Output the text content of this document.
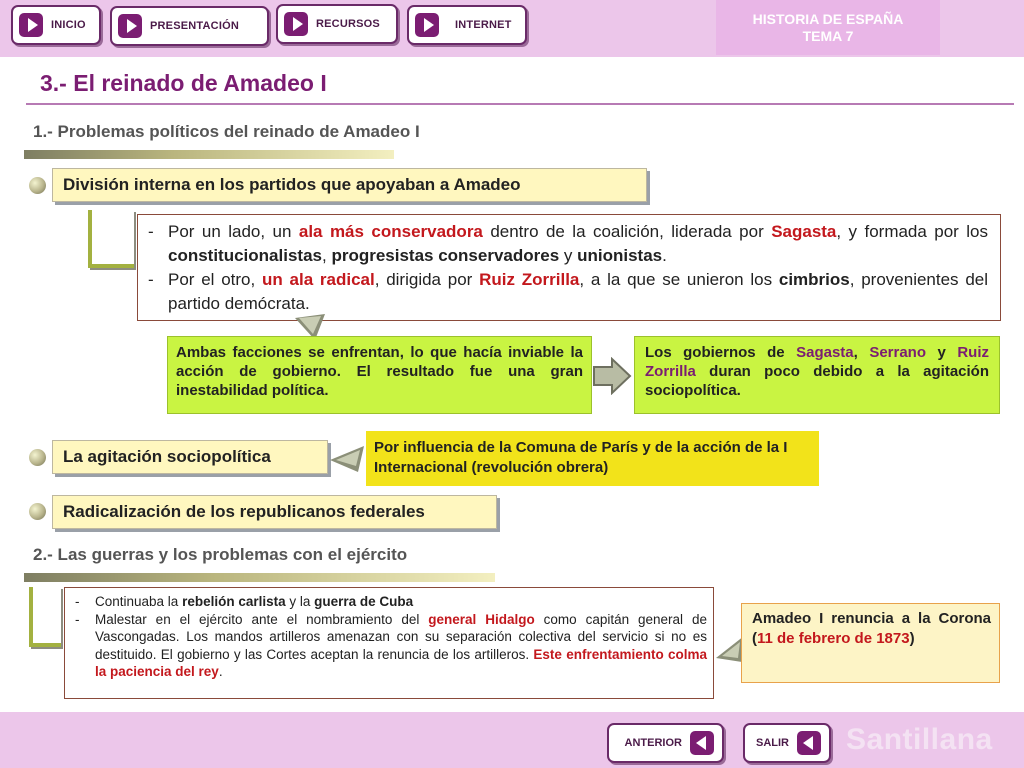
INICIO	PRESENTACIÓN	RECURSOS	INTERNET	HISTORIA DE ESPAÑA
TEMA 7
3.- El reinado de Amadeo I
1.- Problemas políticos del reinado de Amadeo I
División interna en los partidos que apoyaban a Amadeo
- Por un lado, un ala más conservadora dentro de la coalición, liderada por Sagasta, y formada por los constitucionalistas, progresistas conservadores y unionistas.
- Por el otro, un ala radical, dirigida por Ruiz Zorrilla, a la que se unieron los cimbrios, provenientes del partido demócrata.
Ambas facciones se enfrentan, lo que hacía inviable la acción de gobierno. El resultado fue una gran inestabilidad política.
Los gobiernos de Sagasta, Serrano y Ruiz Zorrilla duran poco debido a la agitación sociopolítica.
La agitación sociopolítica	Por influencia de la Comuna de París y de la acción de la I Internacional (revolución obrera)
Radicalización de los republicanos federales
2.- Las guerras y los problemas con el ejército
- Continuaba la rebelión carlista y la guerra de Cuba
- Malestar en el ejército ante el nombramiento del general Hidalgo como capitán general de Vascongadas. Los mandos artilleros amenazan con su separación colectiva del servicio si no es destituido. El gobierno y las Cortes aceptan la renuncia de los artilleros. Este enfrentamiento colma la paciencia del rey.
Amadeo I renuncia a la Corona (11 de febrero de 1873)
ANTERIOR	SALIR Santillana
